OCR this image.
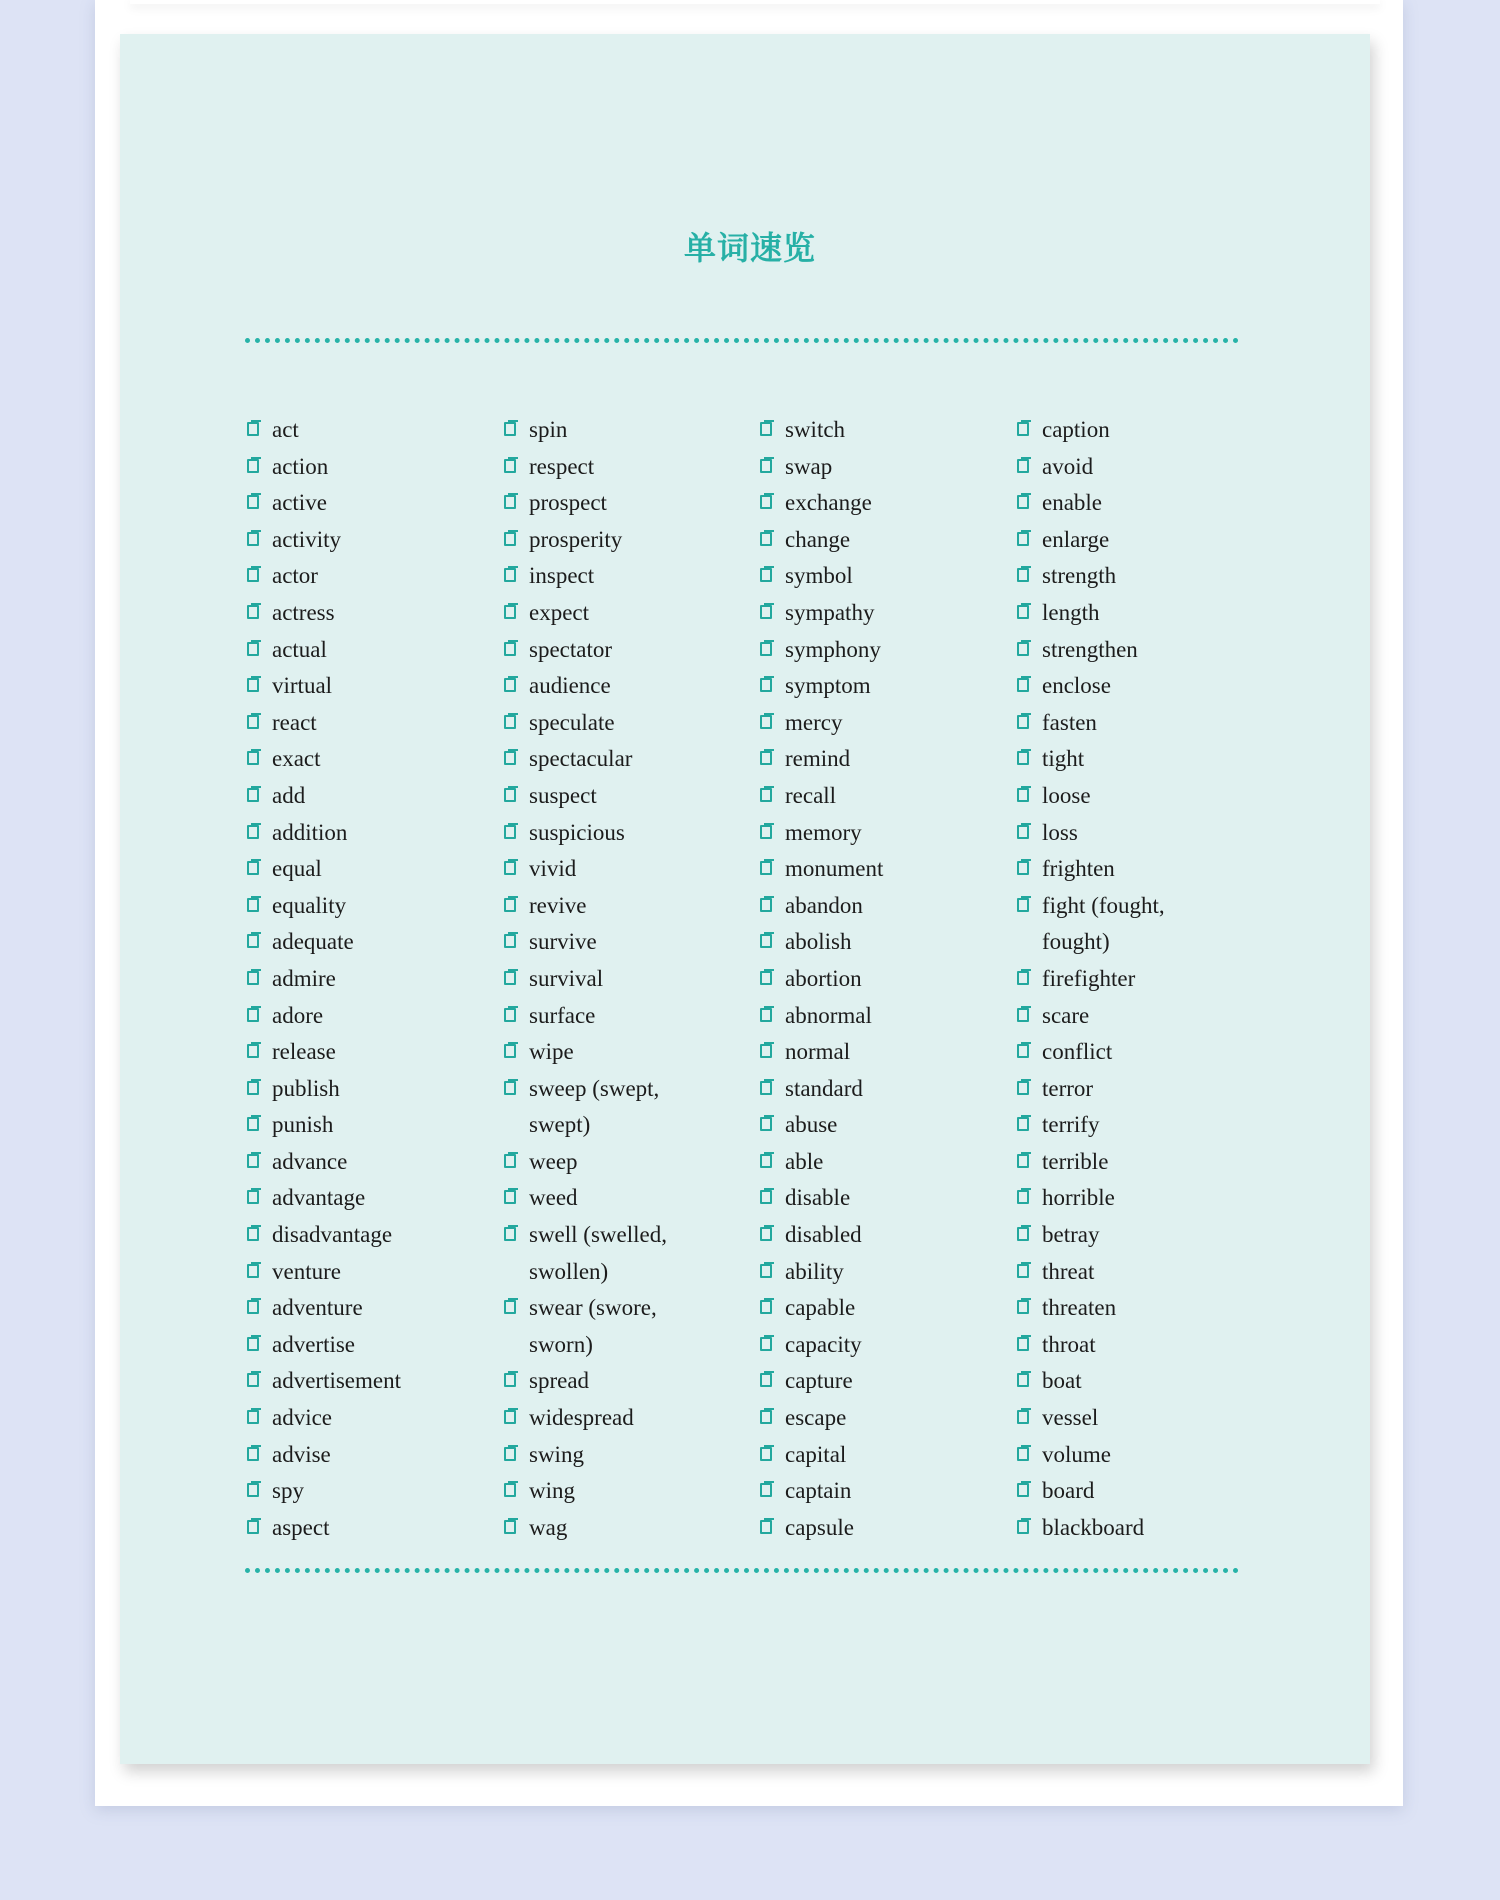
单词速览
act
action
active
activity
actor
actress
actual
virtual
react
exact
add
addition
equal
equality
adequate
admire
adore
release
publish
punish
advance
advantage
disadvantage
venture
adventure
advertise
advertisement
advice
advise
spy
aspect
spin
respect
prospect
prosperity
inspect
expect
spectator
audience
speculate
spectacular
suspect
suspicious
vivid
revive
survive
survival
surface
wipe
sweep (swept, swept)
weep
weed
swell (swelled, swollen)
swear (swore, sworn)
spread
widespread
swing
wing
wag
switch
swap
exchange
change
symbol
sympathy
symphony
symptom
mercy
remind
recall
memory
monument
abandon
abolish
abortion
abnormal
normal
standard
abuse
able
disable
disabled
ability
capable
capacity
capture
escape
capital
captain
capsule
caption
avoid
enable
enlarge
strength
length
strengthen
enclose
fasten
tight
loose
loss
frighten
fight (fought, fought)
firefighter
scare
conflict
terror
terrify
terrible
horrible
betray
threat
threaten
throat
boat
vessel
volume
board
blackboard
